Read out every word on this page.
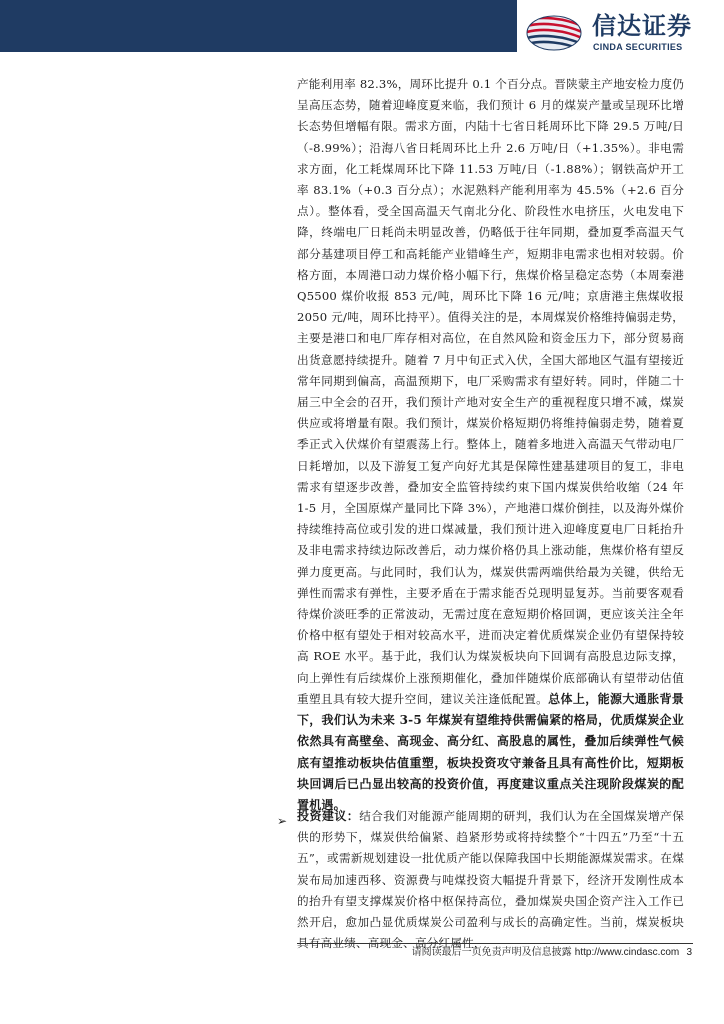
信达证券
CINDA SECURITIES

产能利用率 82.3%，周环比提升 0.1 个百分点。晋陕蒙主产地安检力度仍呈高压态势，随着迎峰度夏来临，我们预计 6 月的煤炭产量或呈现环比增长态势但增幅有限。需求方面，内陆十七省日耗周环比下降 29.5 万吨/日（-8.99%）；沿海八省日耗周环比上升 2.6 万吨/日（+1.35%）。非电需求方面，化工耗煤周环比下降 11.53 万吨/日（-1.88%）；钢铁高炉开工率 83.1%（+0.3 百分点）；水泥熟料产能利用率为 45.5%（+2.6 百分点）。整体看，受全国高温天气南北分化、阶段性水电挤压，火电发电下降，终端电厂日耗尚未明显改善，仍略低于往年同期，叠加夏季高温天气部分基建项目停工和高耗能产业错峰生产，短期非电需求也相对较弱。价格方面，本周港口动力煤价格小幅下行，焦煤价格呈稳定态势（本周秦港 Q5500 煤价收报 853 元/吨，周环比下降 16 元/吨；京唐港主焦煤收报 2050 元/吨，周环比持平）。值得关注的是，本周煤炭价格维持偏弱走势，主要是港口和电厂库存相对高位，在自然风险和资金压力下，部分贸易商出货意愿持续提升。随着 7 月中旬正式入伏，全国大部地区气温有望接近常年同期到偏高，高温预期下，电厂采购需求有望好转。同时，伴随二十届三中全会的召开，我们预计产地对安全生产的重视程度只增不减，煤炭供应或将增量有限。我们预计，煤炭价格短期仍将维持偏弱走势，随着夏季正式入伏煤价有望震荡上行。整体上，随着多地进入高温天气带动电厂日耗增加，以及下游复工复产向好尤其是保障性建基建项目的复工，非电需求有望逐步改善，叠加安全监管持续约束下国内煤炭供给收缩（24 年 1-5 月，全国原煤产量同比下降 3%），产地港口煤价倒挂，以及海外煤价持续维持高位或引发的进口煤减量，我们预计进入迎峰度夏电厂日耗抬升及非电需求持续边际改善后，动力煤价格仍具上涨动能，焦煤价格有望反弹力度更高。与此同时，我们认为，煤炭供需两端供给最为关键，供给无弹性而需求有弹性，主要矛盾在于需求能否兑现明显复苏。当前要客观看待煤价淡旺季的正常波动，无需过度在意短期价格回调，更应该关注全年价格中枢有望处于相对较高水平，进而决定着优质煤炭企业仍有望保持较高 ROE 水平。基于此，我们认为煤炭板块向下回调有高股息边际支撑，向上弹性有后续煤价上涨预期催化，叠加伴随煤价底部确认有望带动估值重塑且具有较大提升空间，建议关注逢低配置。总体上，能源大通胀背景下，我们认为未来 3-5 年煤炭有望维持供需偏紧的格局，优质煤炭企业依然具有高壁垒、高现金、高分红、高股息的属性，叠加后续弹性气候底有望推动板块估值重塑，板块投资攻守兼备且具有高性价比，短期板块回调后已凸显出较高的投资价值，再度建议重点关注现阶段煤炭的配置机遇。

➢ 投资建议：结合我们对能源产能周期的研判，我们认为在全国煤炭增产保供的形势下，煤炭供给偏紧、趋紧形势或将持续整个“十四五”乃至“十五五”，或需新规划建设一批优质产能以保障我国中长期能源煤炭需求。在煤炭布局加速西移、资源费与吨煤投资大幅提升背景下，经济开发刚性成本的抬升有望支撑煤炭价格中枢保持高位，叠加煤炭央国企资产注入工作已然开启，愈加凸显优质煤炭公司盈利与成长的高确定性。当前，煤炭板块具有高业绩、高现金、高分红属性，

请阅读最后一页免责声明及信息披露 http://www.cindasc.com 3
